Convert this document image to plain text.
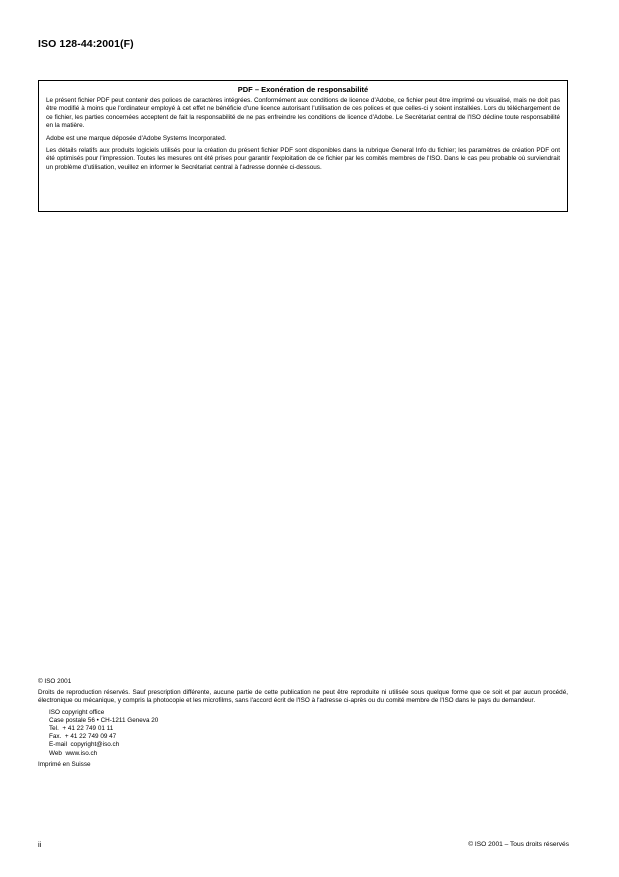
ISO 128-44:2001(F)
PDF – Exonération de responsabilité

Le présent fichier PDF peut contenir des polices de caractères intégrées. Conformément aux conditions de licence d'Adobe, ce fichier peut être imprimé ou visualisé, mais ne doit pas être modifié à moins que l'ordinateur employé à cet effet ne bénéficie d'une licence autorisant l'utilisation de ces polices et que celles-ci y soient installées. Lors du téléchargement de ce fichier, les parties concernées acceptent de fait la responsabilité de ne pas enfreindre les conditions de licence d'Adobe. Le Secrétariat central de l'ISO décline toute responsabilité en la matière.

Adobe est une marque déposée d'Adobe Systems Incorporated.

Les détails relatifs aux produits logiciels utilisés pour la création du présent fichier PDF sont disponibles dans la rubrique General Info du fichier; les paramètres de création PDF ont été optimisés pour l'impression. Toutes les mesures ont été prises pour garantir l'exploitation de ce fichier par les comités membres de l'ISO. Dans le cas peu probable où surviendrait un problème d'utilisation, veuillez en informer le Secrétariat central à l'adresse donnée ci-dessous.

© ISO 2001
Droits de reproduction réservés. Sauf prescription différente, aucune partie de cette publication ne peut être reproduite ni utilisée sous quelque forme que ce soit et par aucun procédé, électronique ou mécanique, y compris la photocopie et les microfilms, sans l'accord écrit de l'ISO à l'adresse ci-après ou du comité membre de l'ISO dans le pays du demandeur.
ISO copyright office
Case postale 56 • CH-1211 Geneva 20
Tel.  + 41 22 749 01 11
Fax.  + 41 22 749 09 47
E-mail  copyright@iso.ch
Web  www.iso.ch
Imprimé en Suisse
ii	© ISO 2001 – Tous droits réservés
